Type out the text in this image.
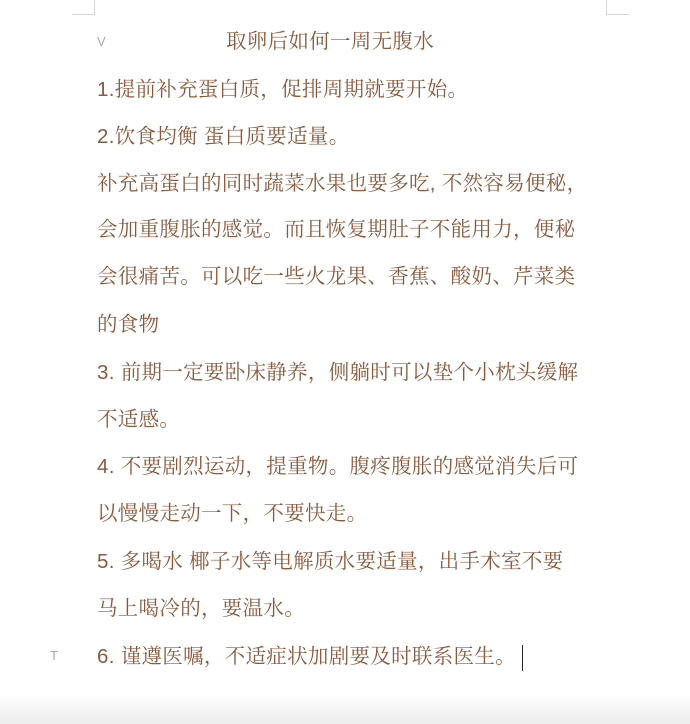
V	取卵后如何一周无腹水
1.提前补充蛋白质，促排周期就要开始。
2.饮食均衡 蛋白质要适量。
补充高蛋白的同时蔬菜水果也要多吃, 不然容易便秘，
会加重腹胀的感觉。而且恢复期肚子不能用力，便秘
会很痛苦。可以吃一些火龙果、香蕉、酸奶、芹菜类
的食物
3. 前期一定要卧床静养，侧躺时可以垫个小枕头缓解
不适感。
4. 不要剧烈运动，提重物。腹疼腹胀的感觉消失后可
以慢慢走动一下，不要快走。
5. 多喝水 椰子水等电解质水要适量，出手术室不要
马上喝冷的，要温水。
T 6. 谨遵医嘱，不适症状加剧要及时联系医生。
